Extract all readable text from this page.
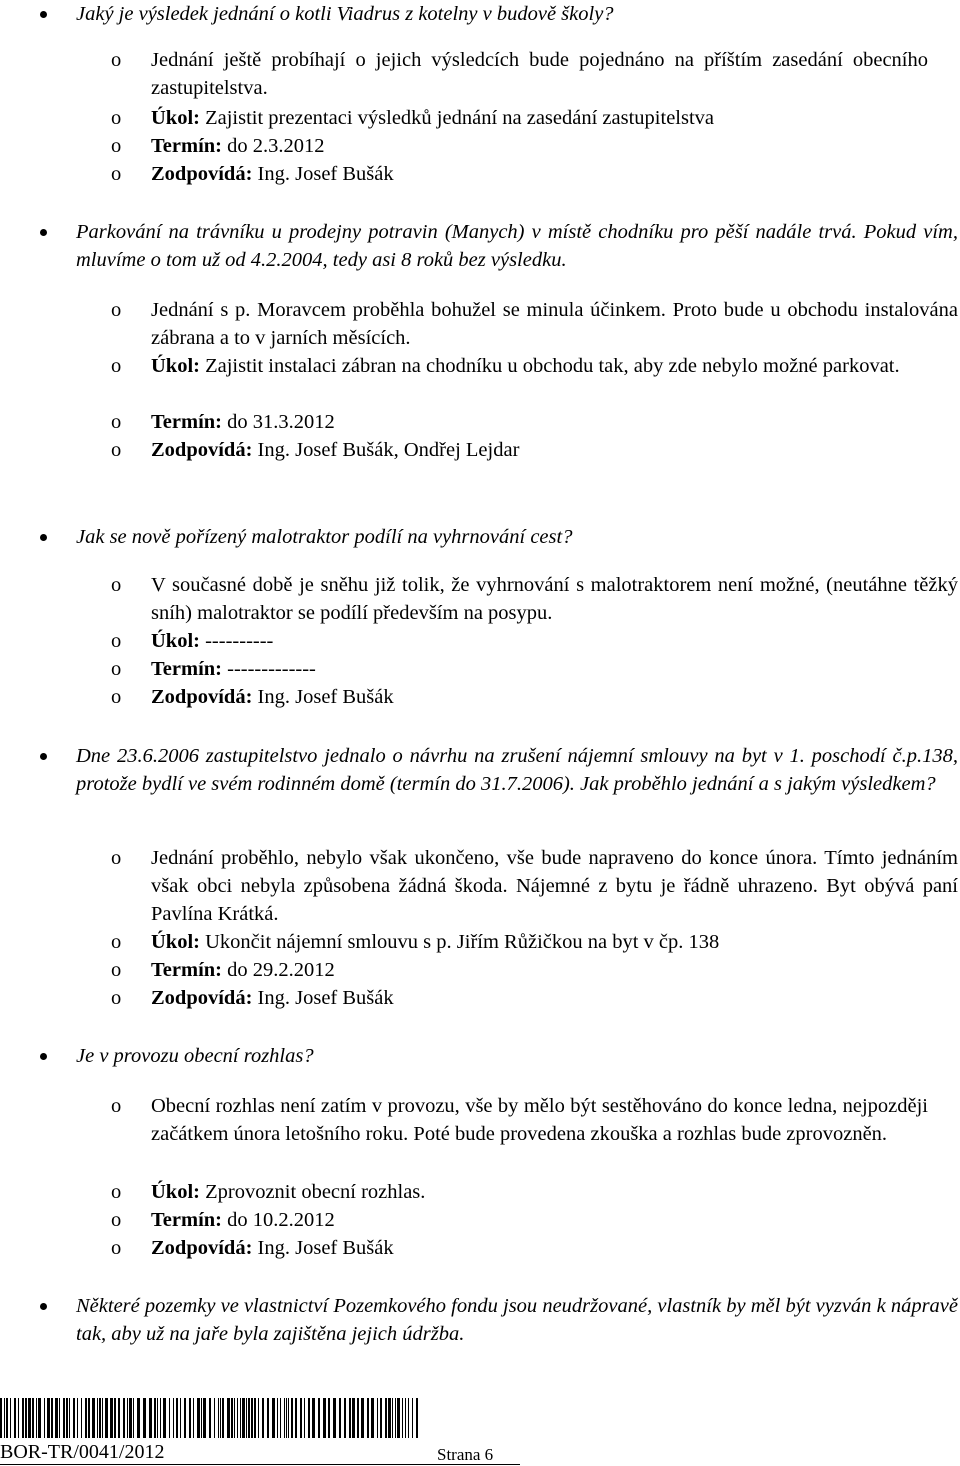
Jaký je výsledek jednání o kotli Viadrus z kotelny v budově školy?
o Jednání ještě probíhají o jejich výsledcích bude pojednáno na příštím zasedání obecního zastupitelstva.
o Úkol: Zajistit prezentaci výsledků jednání na zasedání zastupitelstva
o Termín: do 2.3.2012
o Zodpovídá: Ing. Josef Bušák
Parkování na trávníku u prodejny potravin (Manych) v místě chodníku pro pěší nadále trvá. Pokud vím, mluvíme o tom už od 4.2.2004, tedy asi 8 roků bez výsledku.
o Jednání s p. Moravcem proběhla bohužel se minula účinkem. Proto bude u obchodu instalována zábrana a to v jarních měsících.
o Úkol: Zajistit instalaci zábran na chodníku u obchodu tak, aby zde nebylo možné parkovat.
o Termín: do 31.3.2012
o Zodpovídá: Ing. Josef Bušák, Ondřej Lejdar
Jak se nově pořízený malotraktor podílí na vyhrnování cest?
o V současné době je sněhu již tolik, že vyhrnování s malotraktorem není možné, (neutáhne těžký sníh) malotraktor se podílí především na posypu.
o Úkol: ----------
o Termín: -------------
o Zodpovídá: Ing. Josef Bušák
Dne 23.6.2006 zastupitelstvo jednalo o návrhu na zrušení nájemní smlouvy na byt v 1. poschodí č.p.138, protože bydlí ve svém rodinném domě (termín do 31.7.2006). Jak proběhlo jednání a s jakým výsledkem?
o Jednání proběhlo, nebylo však ukončeno, vše bude napraveno do konce února. Tímto jednáním však obci nebyla způsobena žádná škoda. Nájemné z bytu je řádně uhrazeno. Byt obývá paní Pavlína Krátká.
o Úkol: Ukončit nájemní smlouvu s p. Jiřím Růžičkou na byt v čp. 138
o Termín: do 29.2.2012
o Zodpovídá: Ing. Josef Bušák
Je v provozu obecní rozhlas?
o Obecní rozhlas není zatím v provozu, vše by mělo být sestěhováno do konce ledna, nejpozději začátkem února letošního roku. Poté bude provedena zkouška a rozhlas bude zprovozněn.
o Úkol: Zprovoznit obecní rozhlas.
o Termín: do 10.2.2012
o Zodpovídá: Ing. Josef Bušák
Některé pozemky ve vlastnictví Pozemkového fondu jsou neudržované, vlastník by měl být vyzván k nápravě tak, aby už na jaře byla zajištěna jejich údržba.
BOR-TR/0041/2012	Strana 6
